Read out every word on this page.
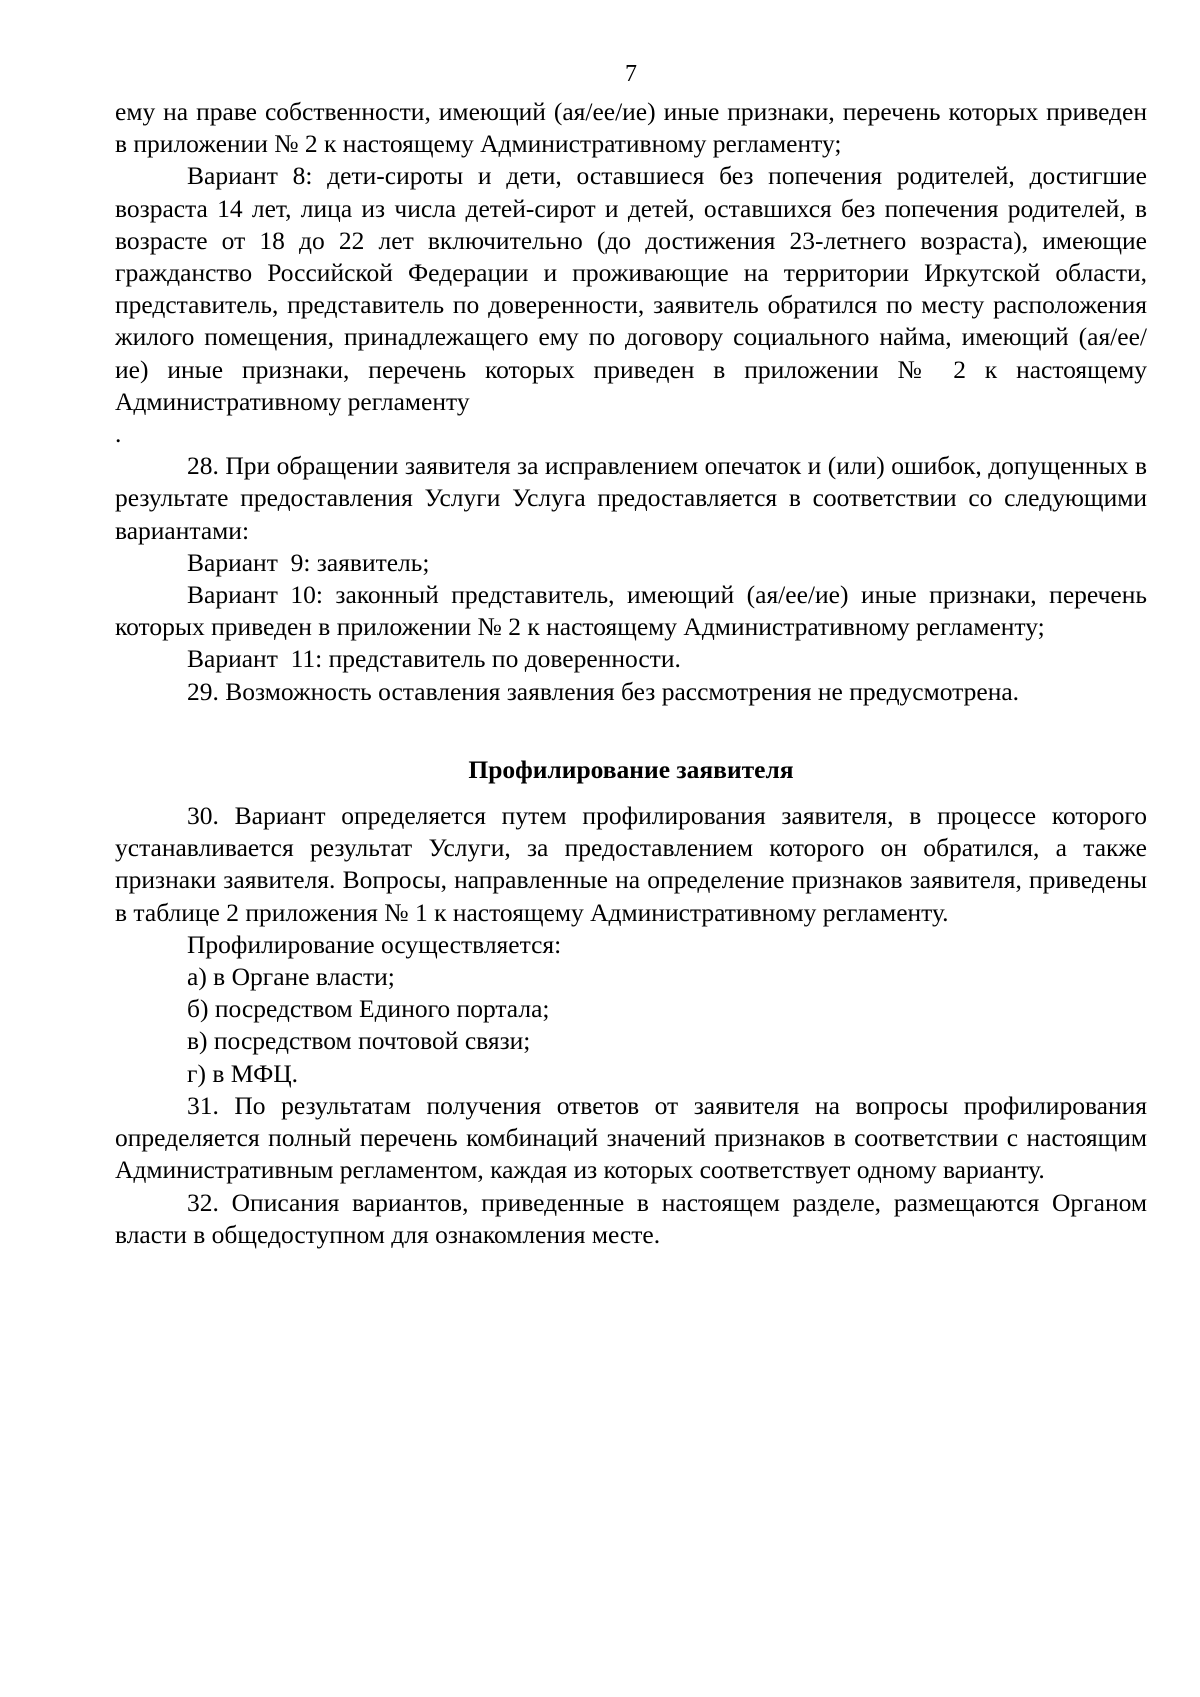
7

ему на праве собственности, имеющий (ая/ее/ие) иные признаки, перечень которых приведен в приложении № 2 к настоящему Административному регламенту;

Вариант 8: дети-сироты и дети, оставшиеся без попечения родителей, достигшие возраста 14 лет, лица из числа детей-сирот и детей, оставшихся без попечения родителей, в возрасте от 18 до 22 лет включительно (до достижения 23-летнего возраста), имеющие гражданство Российской Федерации и проживающие на территории Иркутской области, представитель, представитель по доверенности, заявитель обратился по месту расположения жилого помещения, принадлежащего ему по договору социального найма, имеющий (ая/ее/ие) иные признаки, перечень которых приведен в приложении № 2 к настоящему Административному регламенту

.

28. При обращении заявителя за исправлением опечаток и (или) ошибок, допущенных в результате предоставления Услуги Услуга предоставляется в соответствии со следующими вариантами:

Вариант  9: заявитель;

Вариант 10: законный представитель, имеющий (ая/ее/ие) иные признаки, перечень которых приведен в приложении № 2 к настоящему Административному регламенту;

Вариант  11: представитель по доверенности.

29. Возможность оставления заявления без рассмотрения не предусмотрена.

Профилирование заявителя

30. Вариант определяется путем профилирования заявителя, в процессе которого устанавливается результат Услуги, за предоставлением которого он обратился, а также признаки заявителя. Вопросы, направленные на определение признаков заявителя, приведены в таблице 2 приложения № 1 к настоящему Административному регламенту.

Профилирование осуществляется:

а) в Органе власти;

б) посредством Единого портала;

в) посредством почтовой связи;

г) в МФЦ.

31. По результатам получения ответов от заявителя на вопросы профилирования определяется полный перечень комбинаций значений признаков в соответствии с настоящим Административным регламентом, каждая из которых соответствует одному варианту.

32. Описания вариантов, приведенные в настоящем разделе, размещаются Органом власти в общедоступном для ознакомления месте.
